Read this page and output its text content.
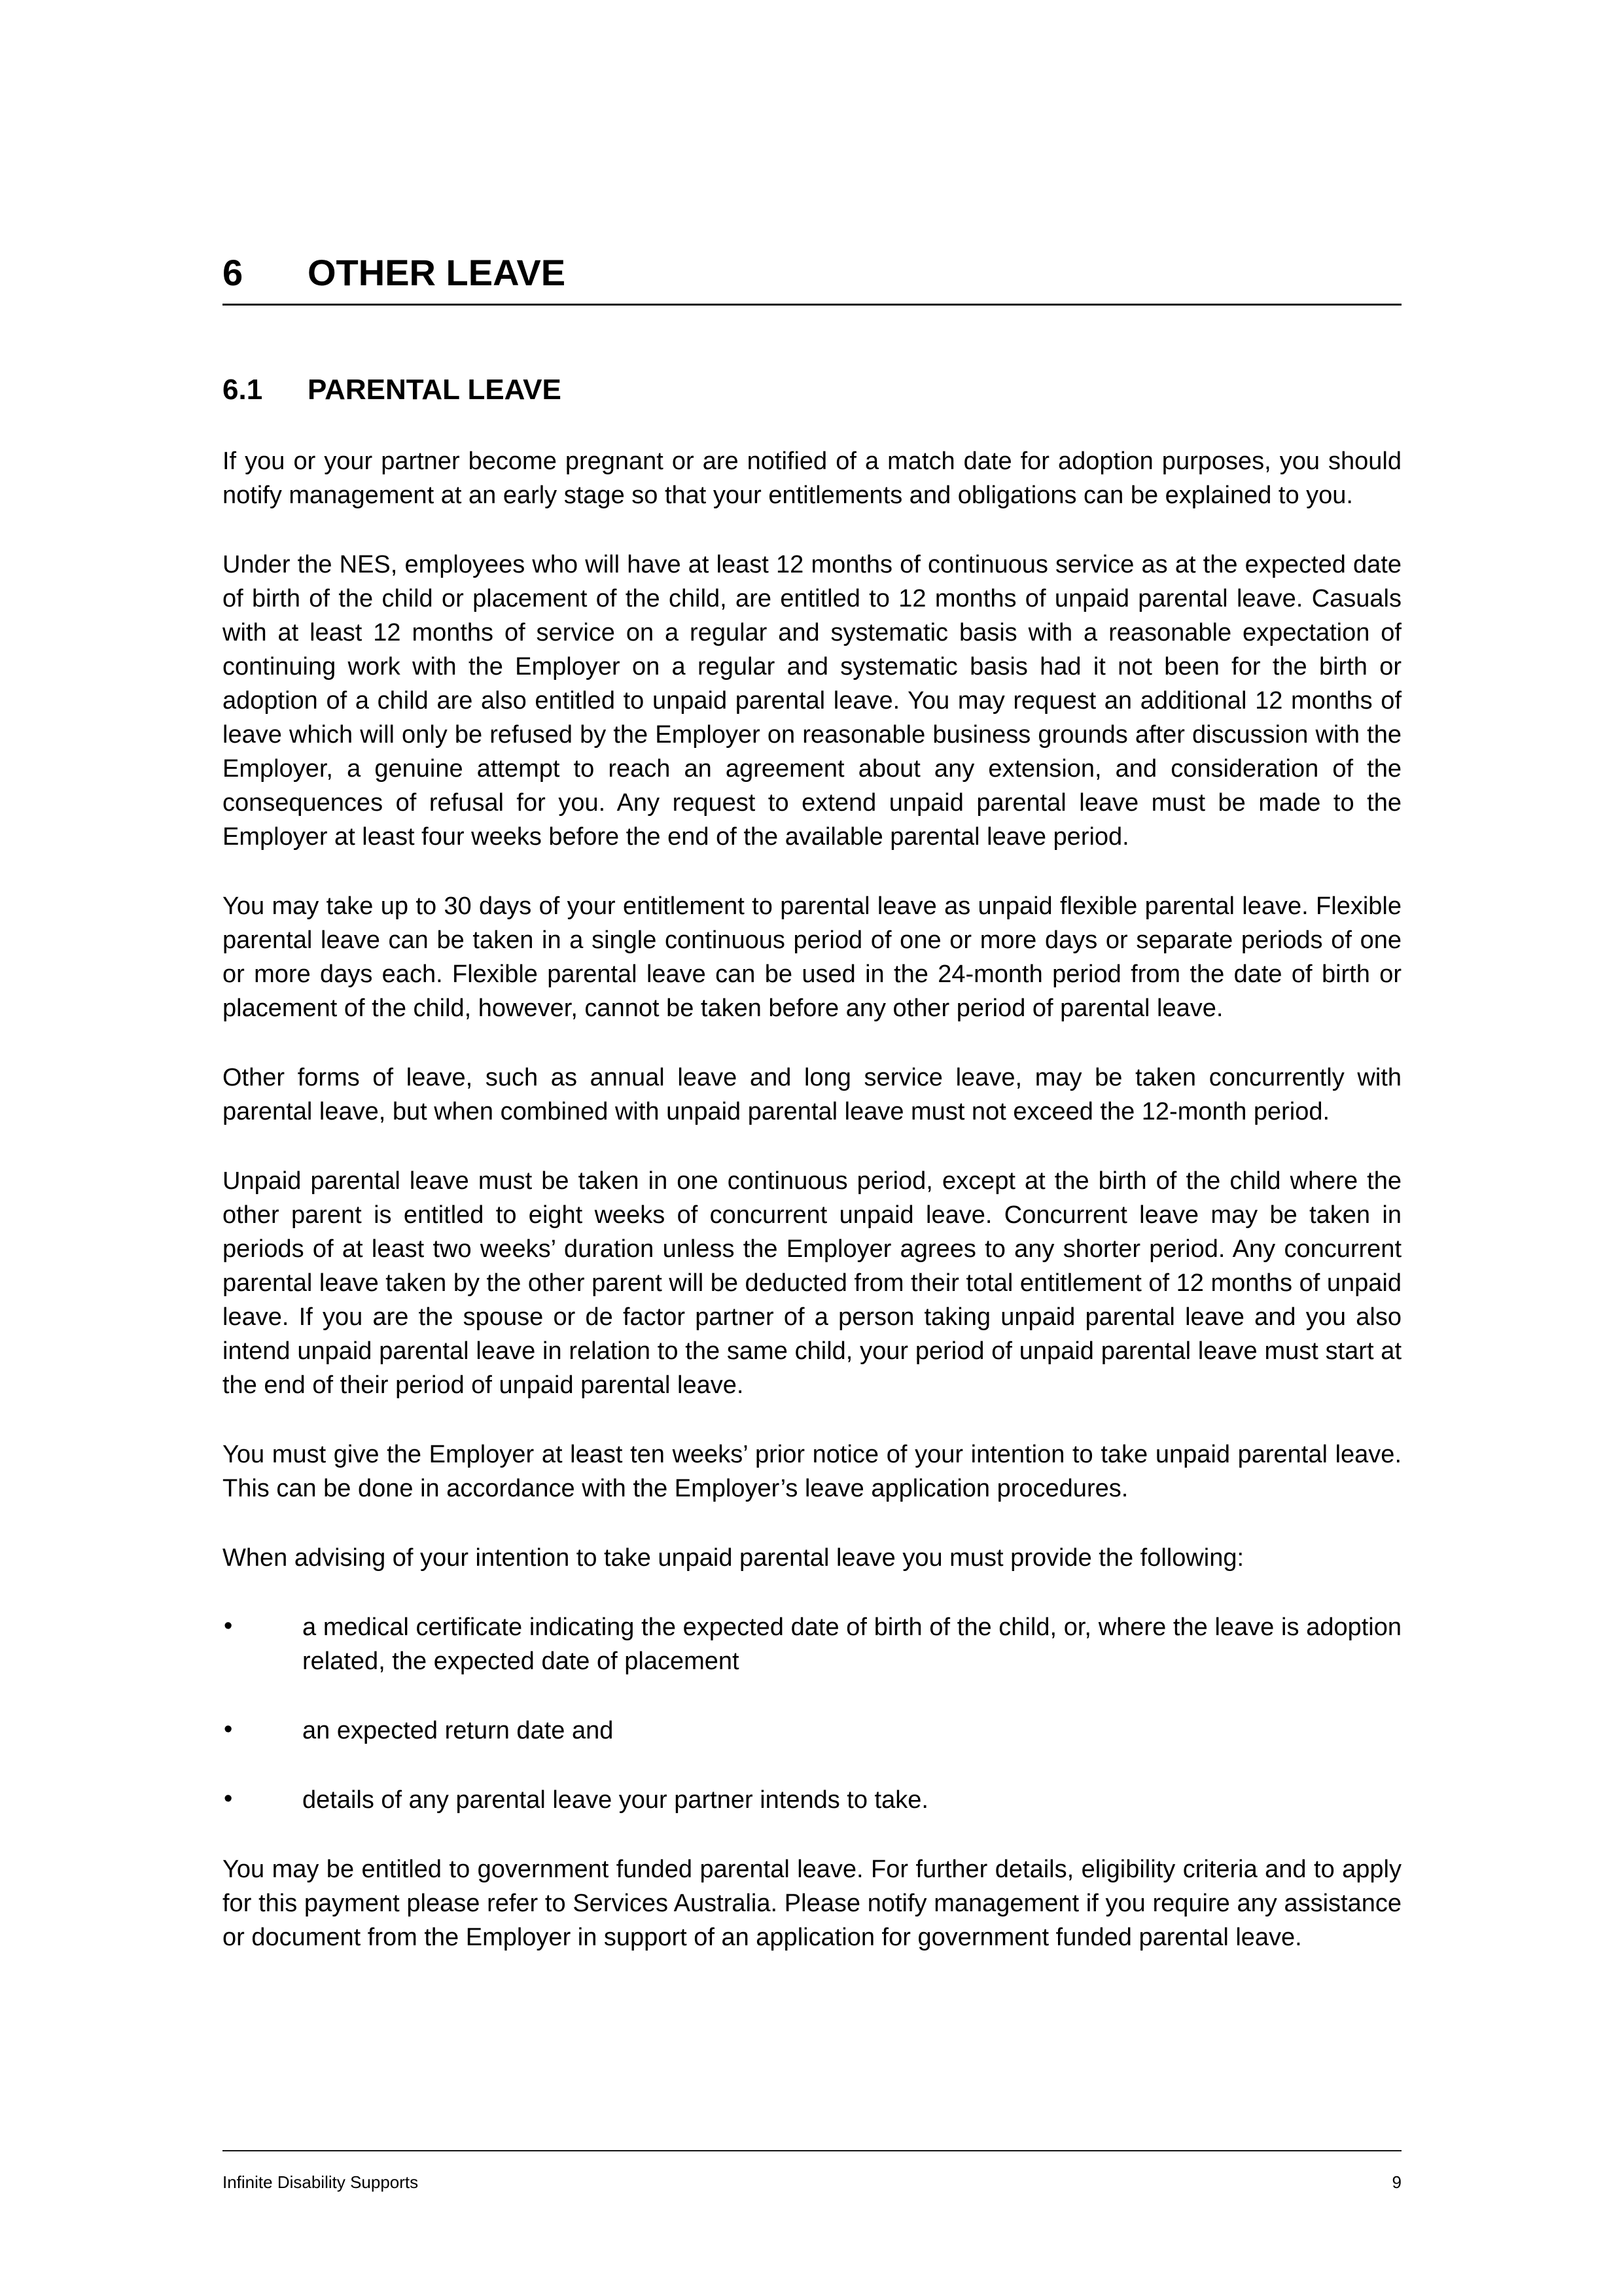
6 OTHER LEAVE
6.1 PARENTAL LEAVE

If you or your partner become pregnant or are notified of a match date for adoption purposes, you should notify management at an early stage so that your entitlements and obligations can be explained to you.

Under the NES, employees who will have at least 12 months of continuous service as at the expected date of birth of the child or placement of the child, are entitled to 12 months of unpaid parental leave. Casuals with at least 12 months of service on a regular and systematic basis with a reasonable expectation of continuing work with the Employer on a regular and systematic basis had it not been for the birth or adoption of a child are also entitled to unpaid parental leave. You may request an additional 12 months of leave which will only be refused by the Employer on reasonable business grounds after discussion with the Employer, a genuine attempt to reach an agreement about any extension, and consideration of the consequences of refusal for you. Any request to extend unpaid parental leave must be made to the Employer at least four weeks before the end of the available parental leave period.

You may take up to 30 days of your entitlement to parental leave as unpaid flexible parental leave. Flexible parental leave can be taken in a single continuous period of one or more days or separate periods of one or more days each. Flexible parental leave can be used in the 24-month period from the date of birth or placement of the child, however, cannot be taken before any other period of parental leave.

Other forms of leave, such as annual leave and long service leave, may be taken concurrently with parental leave, but when combined with unpaid parental leave must not exceed the 12-month period.

Unpaid parental leave must be taken in one continuous period, except at the birth of the child where the other parent is entitled to eight weeks of concurrent unpaid leave. Concurrent leave may be taken in periods of at least two weeks’ duration unless the Employer agrees to any shorter period. Any concurrent parental leave taken by the other parent will be deducted from their total entitlement of 12 months of unpaid leave. If you are the spouse or de factor partner of a person taking unpaid parental leave and you also intend unpaid parental leave in relation to the same child, your period of unpaid parental leave must start at the end of their period of unpaid parental leave.

You must give the Employer at least ten weeks’ prior notice of your intention to take unpaid parental leave. This can be done in accordance with the Employer’s leave application procedures.

When advising of your intention to take unpaid parental leave you must provide the following:

•	a medical certificate indicating the expected date of birth of the child, or, where the leave is adoption related, the expected date of placement
•	an expected return date and
•	details of any parental leave your partner intends to take.

You may be entitled to government funded parental leave. For further details, eligibility criteria and to apply for this payment please refer to Services Australia. Please notify management if you require any assistance or document from the Employer in support of an application for government funded parental leave.

Infinite Disability Supports	9
